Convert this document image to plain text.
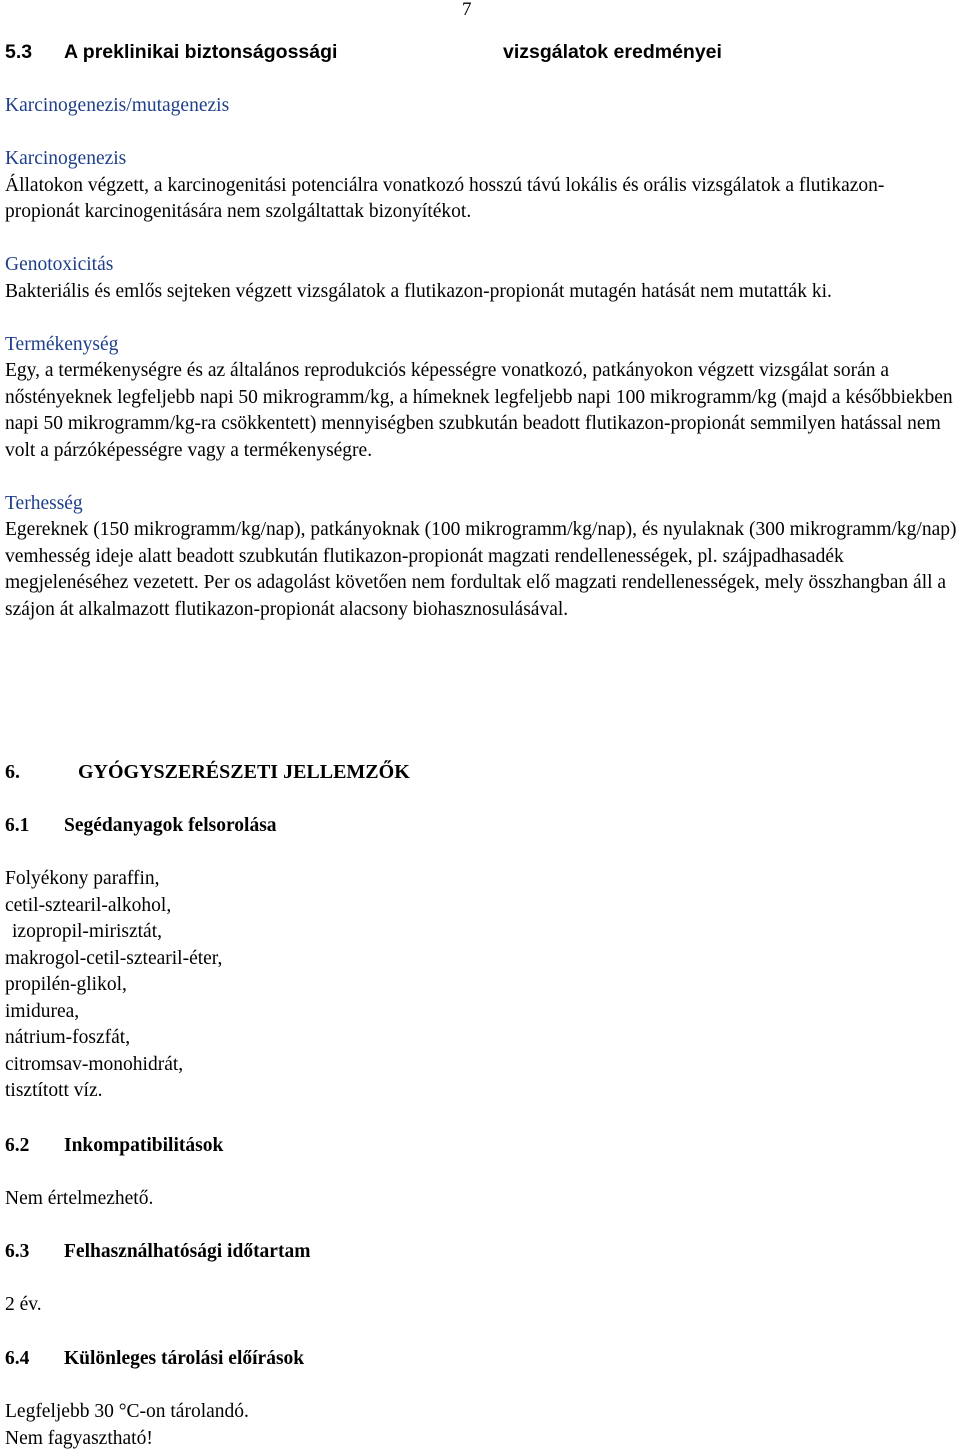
7
5.3 A preklinikai biztonságossági	vizsgálatok eredményei

Karcinogenezis/mutagenezis

Karcinogenezis

Állatokon végzett, a karcinogenitási potenciálra vonatkozó hosszú távú lokális és orális vizsgálatok a flutikazon-propionát karcinogenitására nem szolgáltattak bizonyítékot.

Genotoxicitás

Bakteriális és emlős sejteken végzett vizsgálatok a flutikazon-propionát mutagén hatását nem mutatták ki.

Termékenység

Egy, a termékenységre és az általános reprodukciós képességre vonatkozó, patkányokon végzett vizsgálat során a nőstényeknek legfeljebb napi 50 mikrogramm/kg, a hímeknek legfeljebb napi 100 mikrogramm/kg (majd a későbbiekben napi 50 mikrogramm/kg-ra csökkentett) mennyiségben szubkután beadott flutikazon-propionát semmilyen hatással nem volt a párzóképességre vagy a termékenységre.

Terhesség

Egereknek (150 mikrogramm/kg/nap), patkányoknak (100 mikrogramm/kg/nap), és nyulaknak (300 mikrogramm/kg/nap) vemhesség ideje alatt beadott szubkután flutikazon-propionát magzati rendellenességek, pl. szájpadhasadék megjelenéséhez vezetett. Per os adagolást követően nem fordultak elő magzati rendellenességek, mely összhangban áll a szájon át alkalmazott flutikazon-propionát alacsony biohasznosulásával.

6.	GYÓGYSZERÉSZETI JELLEMZŐK
6.1 Segédanyagok felsorolása
Folyékony paraffin,
cetil-sztearil-alkohol,
izopropil-mirisztát,
makrogol-cetil-sztearil-éter,
propilén-glikol,
imidurea,
nátrium-foszfát,
citromsav-monohidrát,
tisztított víz.
6.2 Inkompatibilitások
Nem értelmezhető.
6.3 Felhasználhatósági időtartam
2 év.
6.4 Különleges tárolási előírások
Legfeljebb 30 °C-on tárolandó.
Nem fagyasztható!
